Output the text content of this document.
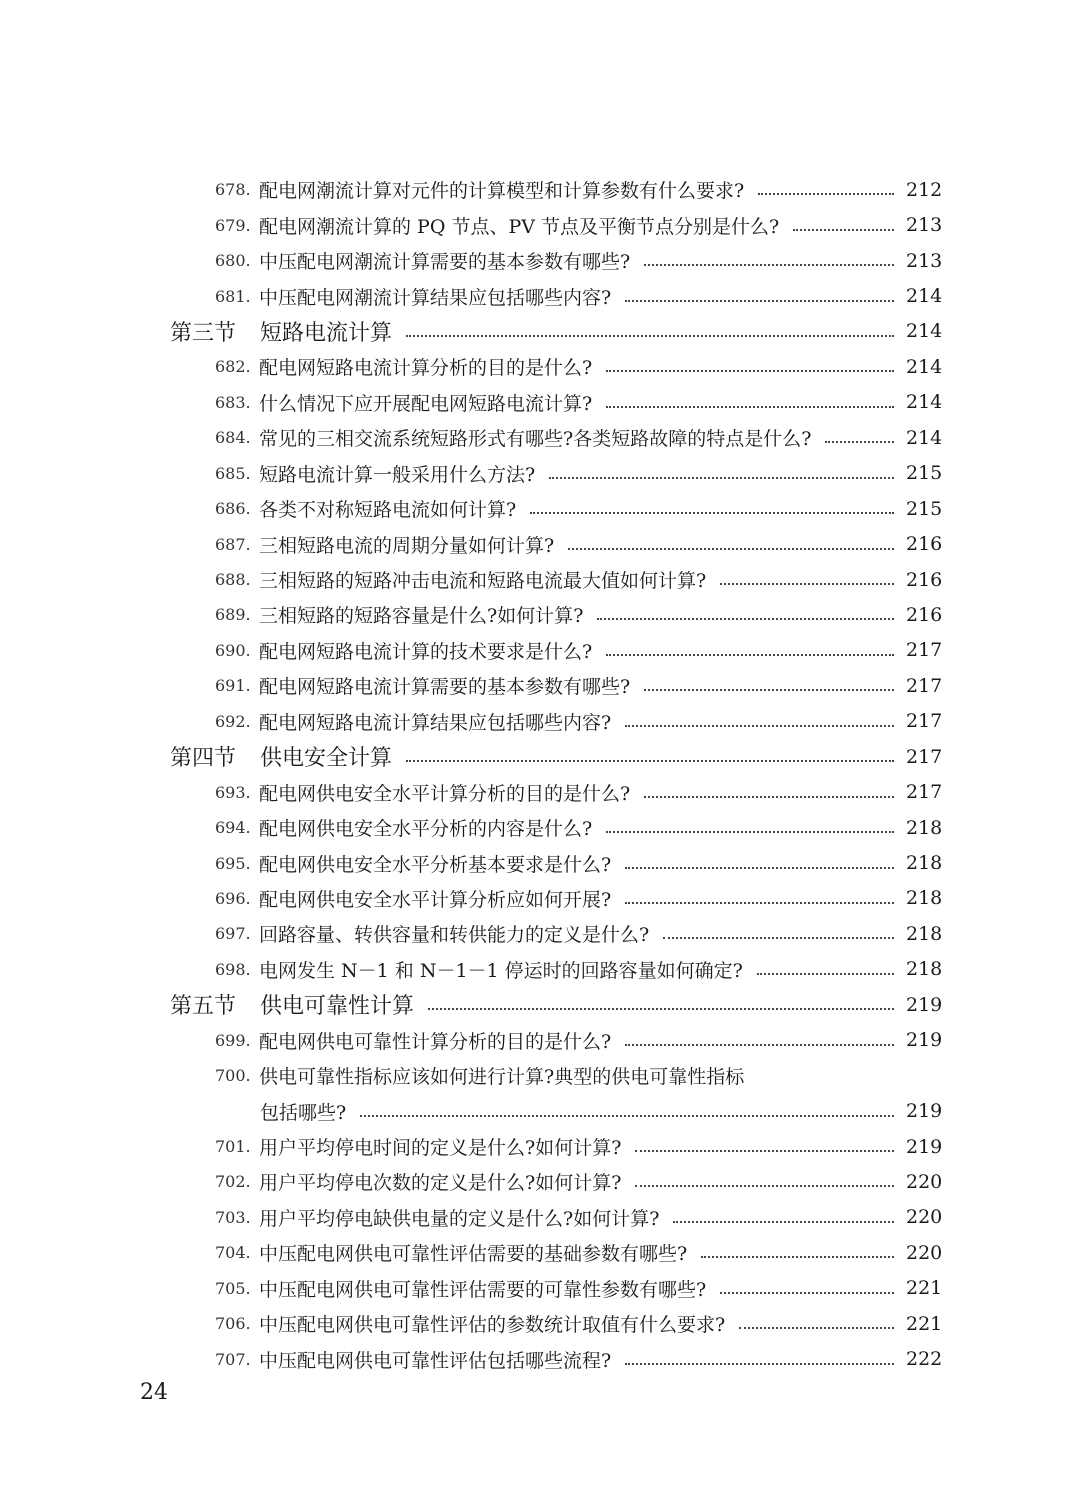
678. 配电网潮流计算对元件的计算模型和计算参数有什么要求?	212
679. 配电网潮流计算的 PQ 节点、PV 节点及平衡节点分别是什么?	213
680. 中压配电网潮流计算需要的基本参数有哪些?	213
681. 中压配电网潮流计算结果应包括哪些内容?	214
第三节	短路电流计算	214
682. 配电网短路电流计算分析的目的是什么?	214
683. 什么情况下应开展配电网短路电流计算?	214
684. 常见的三相交流系统短路形式有哪些?各类短路故障的特点是什么?	214
685. 短路电流计算一般采用什么方法?	215
686. 各类不对称短路电流如何计算?	215
687. 三相短路电流的周期分量如何计算?	216
688. 三相短路的短路冲击电流和短路电流最大值如何计算?	216
689. 三相短路的短路容量是什么?如何计算?	216
690. 配电网短路电流计算的技术要求是什么?	217
691. 配电网短路电流计算需要的基本参数有哪些?	217
692. 配电网短路电流计算结果应包括哪些内容?	217
第四节	供电安全计算	217
693. 配电网供电安全水平计算分析的目的是什么?	217
694. 配电网供电安全水平分析的内容是什么?	218
695. 配电网供电安全水平分析基本要求是什么?	218
696. 配电网供电安全水平计算分析应如何开展?	218
697. 回路容量、转供容量和转供能力的定义是什么?	218
698. 电网发生 N－1 和 N－1－1 停运时的回路容量如何确定?	218
第五节	供电可靠性计算	219
699. 配电网供电可靠性计算分析的目的是什么?	219
700. 供电可靠性指标应该如何进行计算?典型的供电可靠性指标
包括哪些?	219
701. 用户平均停电时间的定义是什么?如何计算?	219
702. 用户平均停电次数的定义是什么?如何计算?	220
703. 用户平均停电缺供电量的定义是什么?如何计算?	220
704. 中压配电网供电可靠性评估需要的基础参数有哪些?	220
705. 中压配电网供电可靠性评估需要的可靠性参数有哪些?	221
706. 中压配电网供电可靠性评估的参数统计取值有什么要求?	221
707. 中压配电网供电可靠性评估包括哪些流程?	222
24
